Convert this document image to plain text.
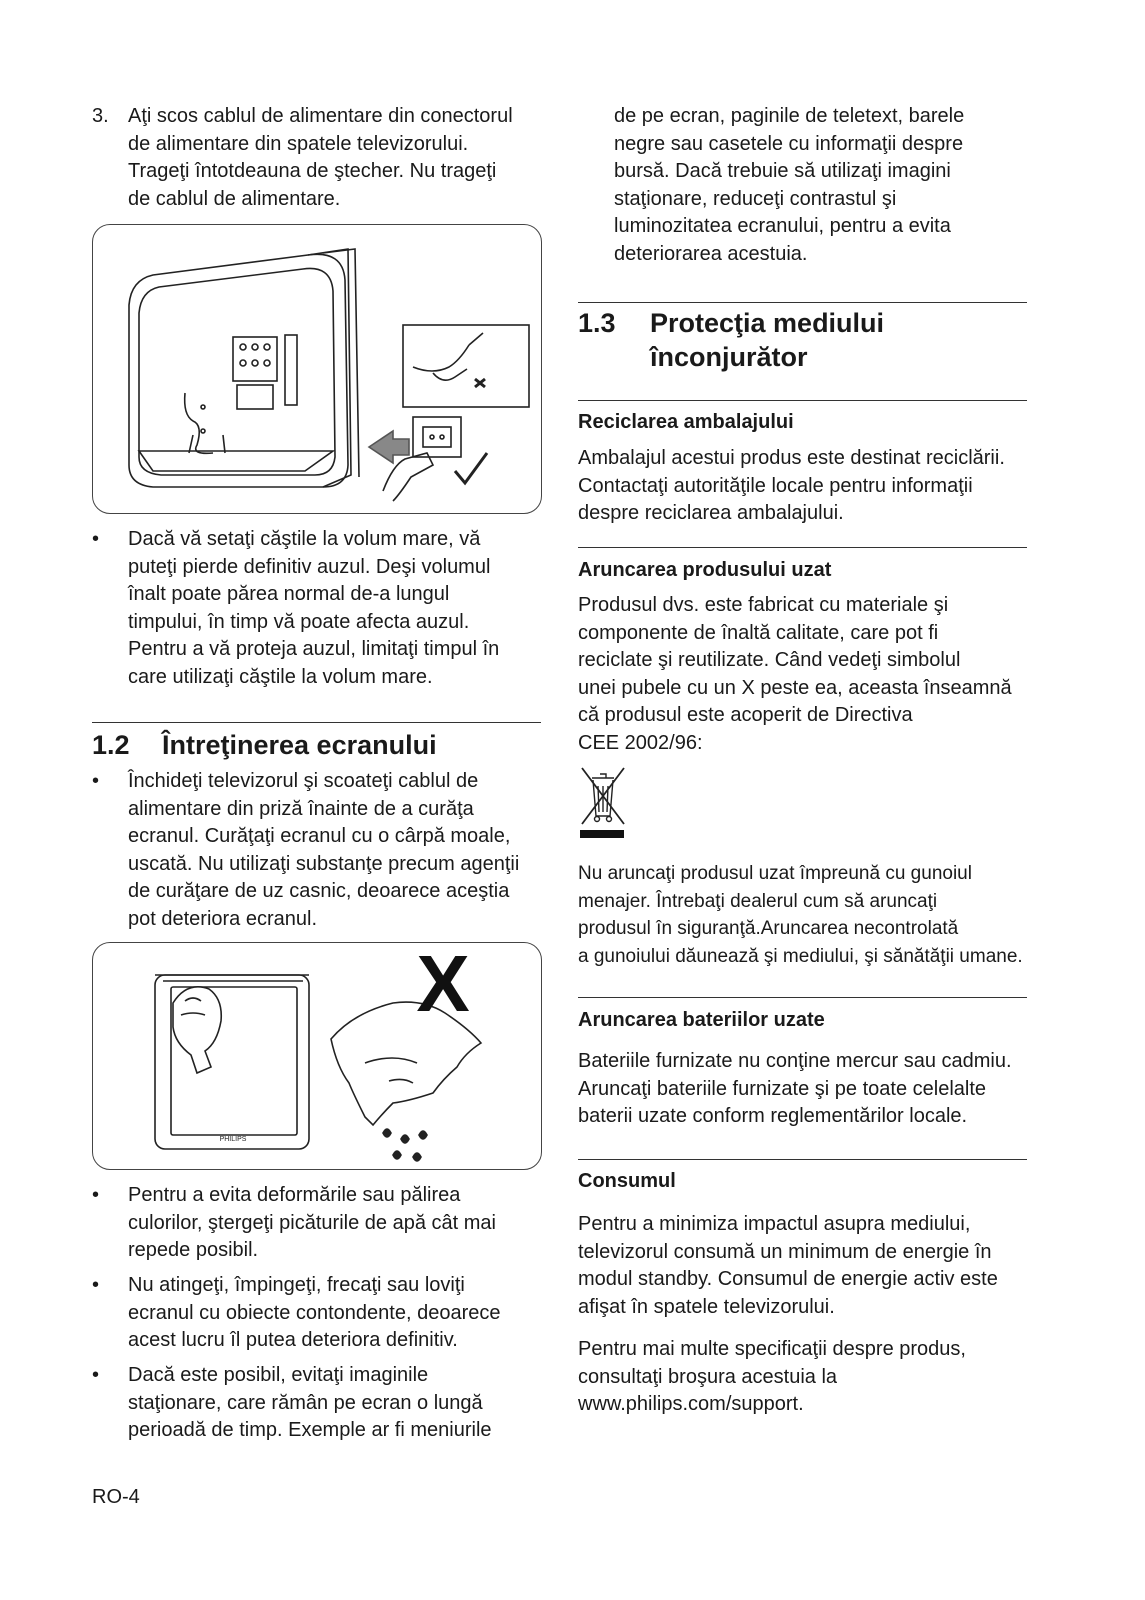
3. Aţi scos cablul de alimentare din conectorul
de alimentare din spatele televizorului.
Trageţi întotdeauna de ştecher. Nu trageţi
de cablul de alimentare.
• Dacă vă setaţi căştile la volum mare, vă
puteţi pierde definitiv auzul. Deşi volumul
înalt poate părea normal de-a lungul
timpului, în timp vă poate afecta auzul.
Pentru a vă proteja auzul, limitaţi timpul în
care utilizaţi căştile la volum mare.
1.2 Întreţinerea ecranului
• Închideţi televizorul şi scoateţi cablul de
alimentare din priză înainte de a curăţa
ecranul. Curăţaţi ecranul cu o cârpă moale,
uscată. Nu utilizaţi substanţe precum agenţii
de curăţare de uz casnic, deoarece aceştia
pot deteriora ecranul.
PHILIPS
X
• Pentru a evita deformările sau pălirea
culorilor, ştergeţi picăturile de apă cât mai
repede posibil.
• Nu atingeţi, împingeţi, frecaţi sau loviţi
ecranul cu obiecte contondente, deoarece
acest lucru îl putea deteriora definitiv.
• Dacă este posibil, evitaţi imaginile
staţionare, care rămân pe ecran o lungă
perioadă de timp. Exemple ar fi meniurile
RO-4
de pe ecran, paginile de teletext, barele
negre sau casetele cu informaţii despre
bursă. Dacă trebuie să utilizaţi imagini
staţionare, reduceţi contrastul şi
luminozitatea ecranului, pentru a evita
deteriorarea acestuia.
1.3 Protecţia mediului
înconjurător
Reciclarea ambalajului
Ambalajul acestui produs este destinat reciclării.
Contactaţi autorităţile locale pentru informaţii
despre reciclarea ambalajului.
Aruncarea produsului uzat
Produsul dvs. este fabricat cu materiale şi
componente de înaltă calitate, care pot fi
reciclate şi reutilizate. Când vedeţi simbolul
unei pubele cu un X peste ea, aceasta înseamnă
că produsul este acoperit de Directiva
CEE 2002/96:
Nu aruncaţi produsul uzat împreună cu gunoiul
menajer. Întrebaţi dealerul cum să aruncaţi
produsul în siguranţă.Aruncarea necontrolată
a gunoiului dăunează şi mediului, şi sănătăţii umane.
Aruncarea bateriilor uzate
Bateriile furnizate nu conţine mercur sau cadmiu.
Aruncaţi bateriile furnizate şi pe toate celelalte
baterii uzate conform reglementărilor locale.
Consumul
Pentru a minimiza impactul asupra mediului,
televizorul consumă un minimum de energie în
modul standby. Consumul de energie activ este
afişat în spatele televizorului.
Pentru mai multe specificaţii despre produs,
consultaţi broşura acestuia la
www.philips.com/support.
